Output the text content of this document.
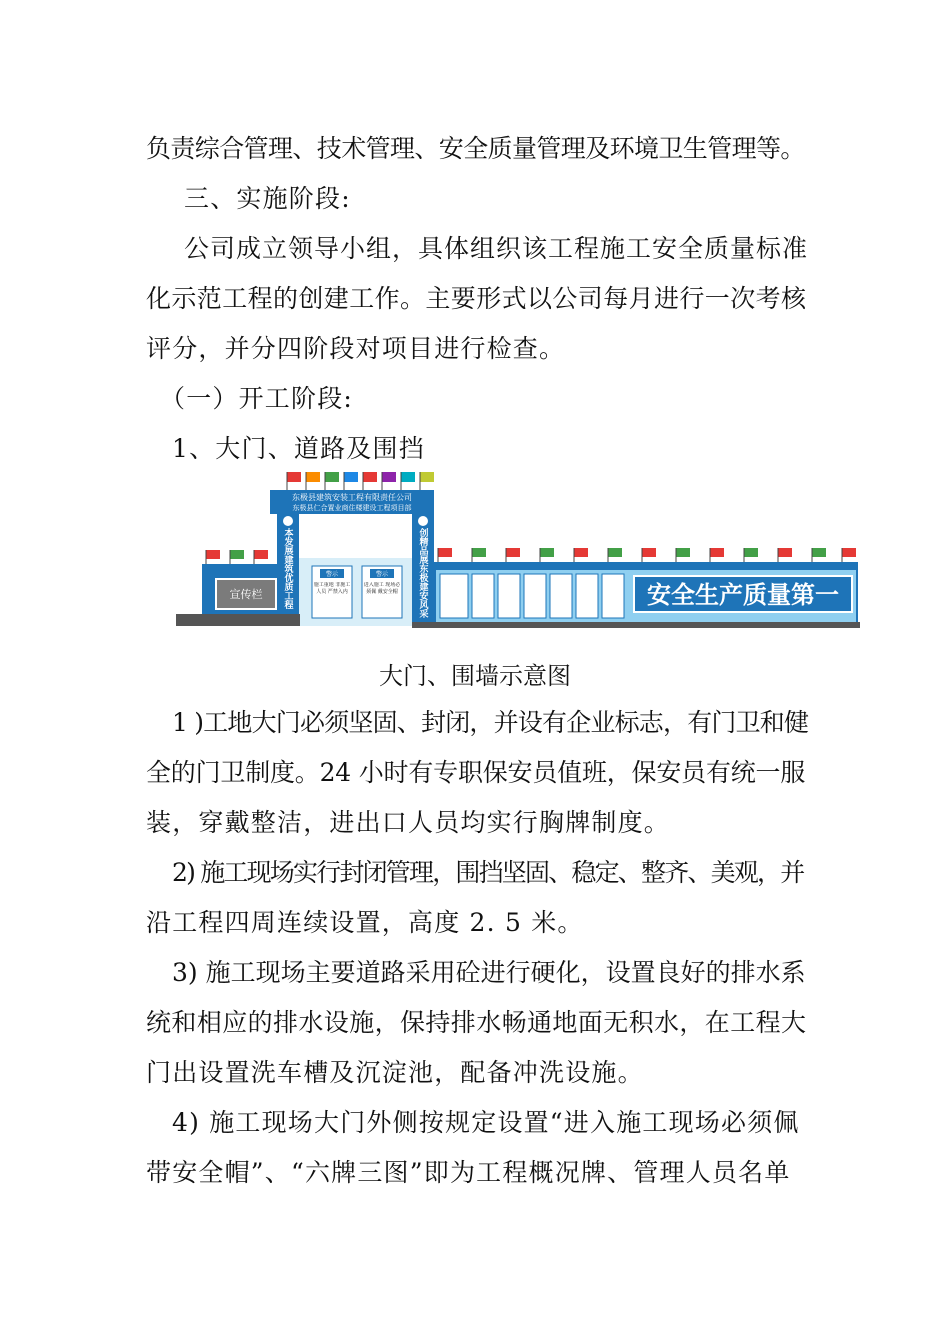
负责综合管理、技术管理、安全质量管理及环境卫生管理等。
三、实施阶段:
公司成立领导小组，具体组织该工程施工安全质量标准
化示范工程的创建工作。主要形式以公司每月进行一次考核
评分，并分四阶段对项目进行检查。
（一）开工阶段:
1、大门、道路及围挡
东极县建筑安装工程有限责任公司
东极县仁合置业商住楼建设工程项目部
本发展建筑优质工程	创精品展东极建安风采
警示
施工重地 非施工人员 严禁入内
警示
进入施工 现场必须佩 戴安全帽
宣传栏	安全生产质量第一
大门、围墙示意图
1 )工地大门必须坚固、封闭，并设有企业标志，有门卫和健
全的门卫制度。24 小时有专职保安员值班，保安员有统一服
装，穿戴整洁，进出口人员均实行胸牌制度。
2) 施工现场实行封闭管理，围挡坚固、稳定、整齐、美观，并
沿工程四周连续设置，高度 2. 5 米。
3) 施工现场主要道路采用砼进行硬化，设置良好的排水系
统和相应的排水设施，保持排水畅通地面无积水，在工程大
门出设置洗车槽及沉淀池，配备冲洗设施。
4) 施工现场大门外侧按规定设置“进入施工现场必须佩
带安全帽”、“六牌三图”即为工程概况牌、管理人员名单
